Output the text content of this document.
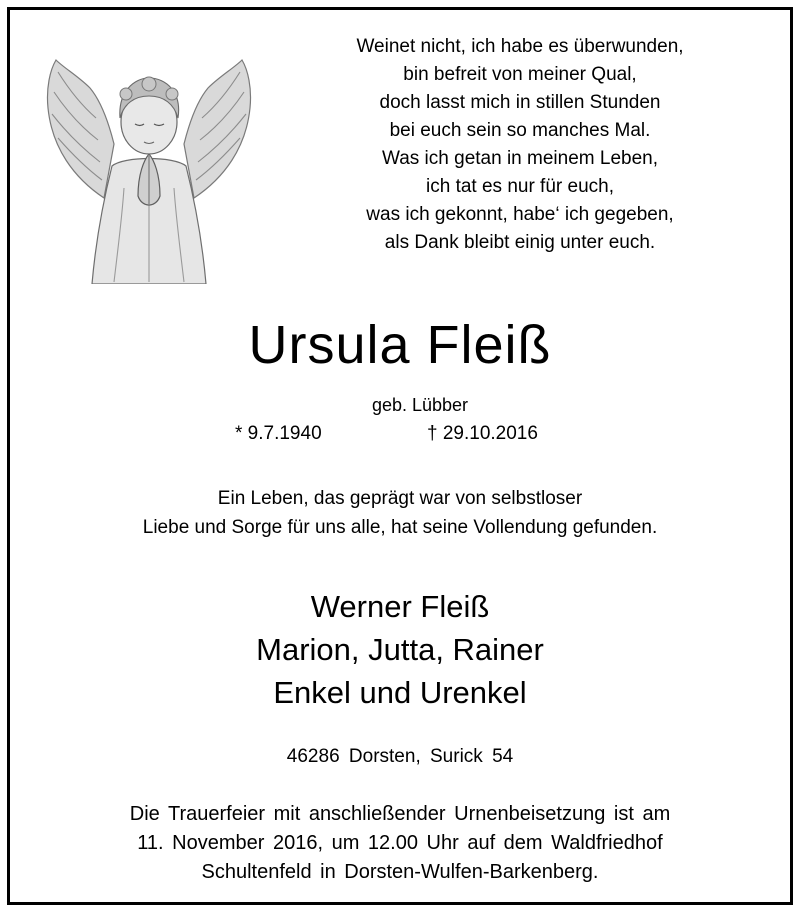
Weinet nicht, ich habe es überwunden,
bin befreit von meiner Qual,
doch lasst mich in stillen Stunden
bei euch sein so manches Mal.
Was ich getan in meinem Leben,
ich tat es nur für euch,
was ich gekonnt, habe‘ ich gegeben,
als Dank bleibt einig unter euch.
Ursula Fleiß
geb. Lübber
* 9.7.1940	† 29.10.2016
Ein Leben, das geprägt war von selbstloser
Liebe und Sorge für uns alle, hat seine Vollendung gefunden.
Werner Fleiß
Marion, Jutta, Rainer
Enkel und Urenkel
46286 Dorsten, Surick 54
Die Trauerfeier mit anschließender Urnenbeisetzung ist am
11. November 2016, um 12.00 Uhr auf dem Waldfriedhof
Schultenfeld in Dorsten-Wulfen-Barkenberg.
